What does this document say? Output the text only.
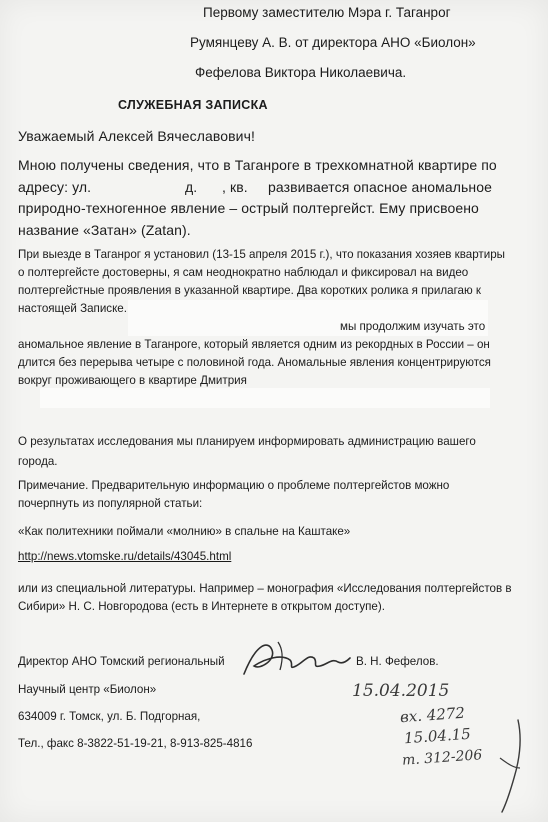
Первому заместителю Мэра г. Таганрог
Румянцеву А. В. от директора АНО «Биолон»
Фефелова Виктора Николаевича.
СЛУЖЕБНАЯ ЗАПИСКА
Уважаемый Алексей Вячеславович!
Мною получены сведения, что в Таганроге в трехкомнатной квартире по
адресу: ул.	д. , кв. развивается опасное аномальное
природно-техногенное явление – острый полтергейст. Ему присвоено
название «Затан» (Zatan).
При выезде в Таганрог я установил (13-15 апреля 2015 г.), что показания хозяев квартиры
о полтергейсте достоверны, я сам неоднократно наблюдал и фиксировал на видео
полтергейстные проявления в указанной квартире. Два коротких ролика я прилагаю к
настоящей Записке.
мы продолжим изучать это
аномальное явление в Таганроге, который является одним из рекордных в России – он
длится без перерыва четыре с половиной года. Аномальные явления концентрируются
вокруг проживающего в квартире Дмитрия
О результатах исследования мы планируем информировать администрацию вашего
города.
Примечание. Предварительную информацию о проблеме полтергейстов можно
почерпнуть из популярной статьи:
«Как политехники поймали «молнию» в спальне на Каштаке»
http://news.vtomske.ru/details/43045.html
или из специальной литературы. Например – монография «Исследования полтергейстов в
Сибири» Н. С. Новгородова (есть в Интернете в открытом доступе).
Директор АНО Томский региональный	В. Н. Фефелов.
Научный центр «Биолон»	15.04.2015
634009 г. Томск, ул. Б. Подгорная,	вх. 4272
15.04.15
т. 312-206
Тел., факс 8-3822-51-19-21, 8-913-825-4816
